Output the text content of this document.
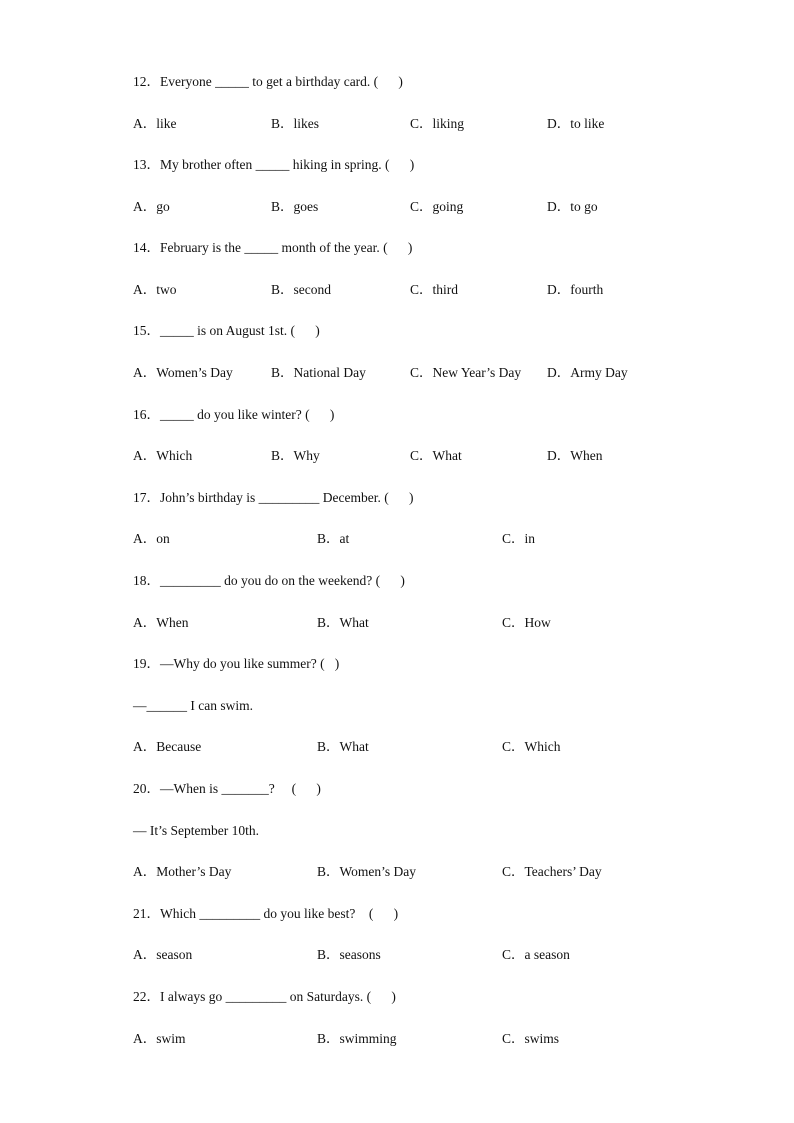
12．Everyone _____ to get a birthday card. (      )
A．like	B．likes	C．liking	D．to like
13．My brother often _____ hiking in spring. (      )
A．go	B．goes	C．going	D．to go
14．February is the _____ month of the year. (      )
A．two	B．second	C．third	D．fourth
15．_____ is on August 1st. (      )
A．Women’s Day	B．National Day	C．New Year’s Day D．Army Day
16．_____ do you like winter? (      )
A．Which	B．Why	C．What	D．When
17．John’s birthday is _________ December. (      )
A．on	B．at	C．in
18．_________ do you do on the weekend? (      )
A．When	B．What	C．How
19．—Why do you like summer? (   )
—______ I can swim.
A．Because	B．What	C．Which
20．—When is _______?     (      )
— It’s September 10th.
A．Mother’s Day	B．Women’s Day	C．Teachers’ Day
21．Which _________ do you like best?    (      )
A．season	B．seasons	C．a season
22．I always go _________ on Saturdays. (      )
A．swim	B．swimming	C．swims
